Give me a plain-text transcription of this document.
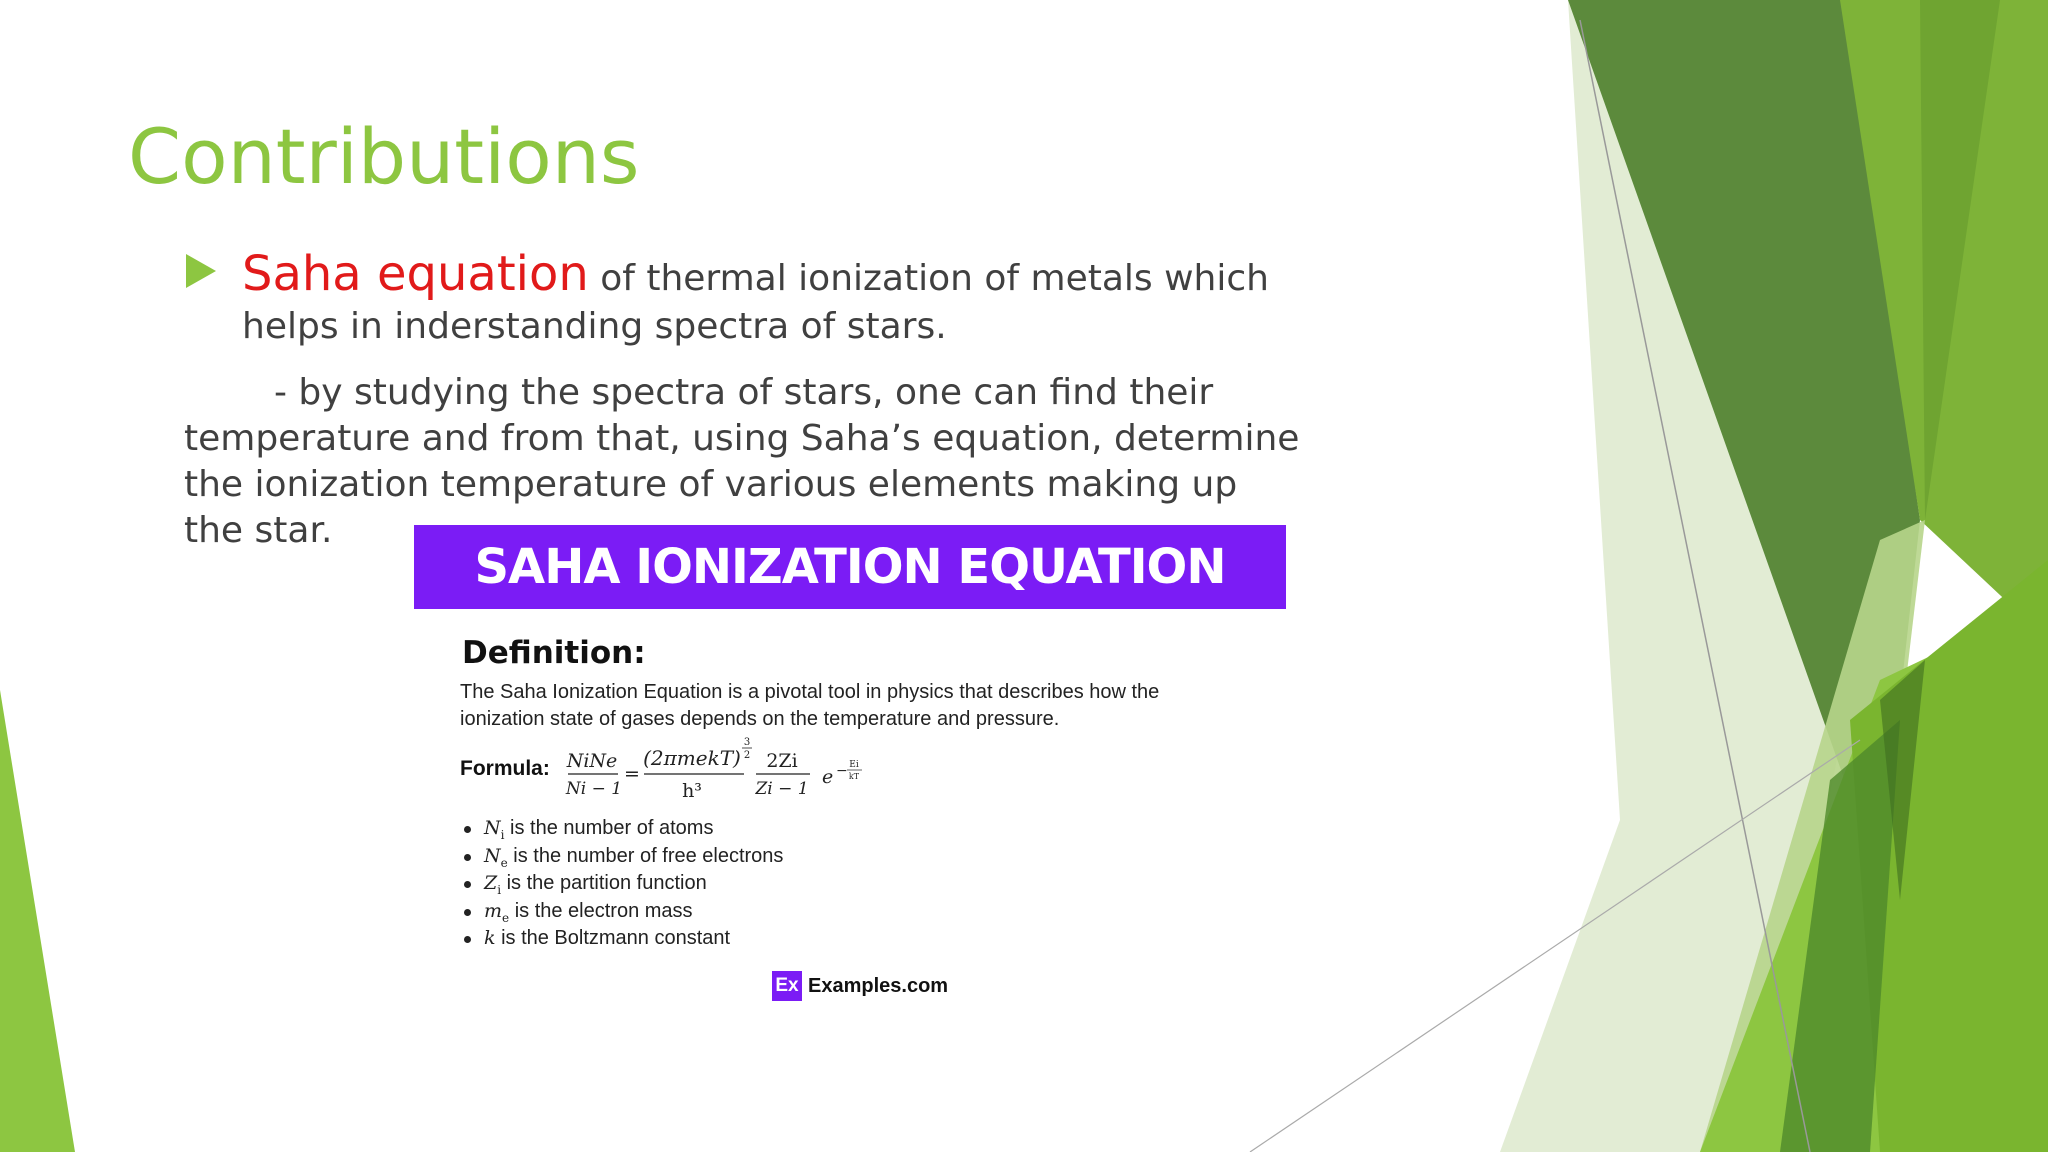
Contributions
Saha equation of thermal ionization of metals which
helps in inderstanding spectra of stars.
- by studying the spectra of stars, one can find their
temperature and from that, using Saha’s equation, determine
the ionization temperature of various elements making up
the star.
SAHA IONIZATION EQUATION
Definition:
The Saha Ionization Equation is a pivotal tool in physics that describes how the
ionization state of gases depends on the temperature and pressure.
Formula: NiNe
Ni − 1
=
(2πmekT)
3
2
h³
2Zi
Zi − 1
e − Ei
kT
$N_i$ is the number of atoms
$N_e$ is the number of free electrons
$Z_i$ is the partition function
$m_e$ is the electron mass
k is the Boltzmann constant
Ex Examples.com
